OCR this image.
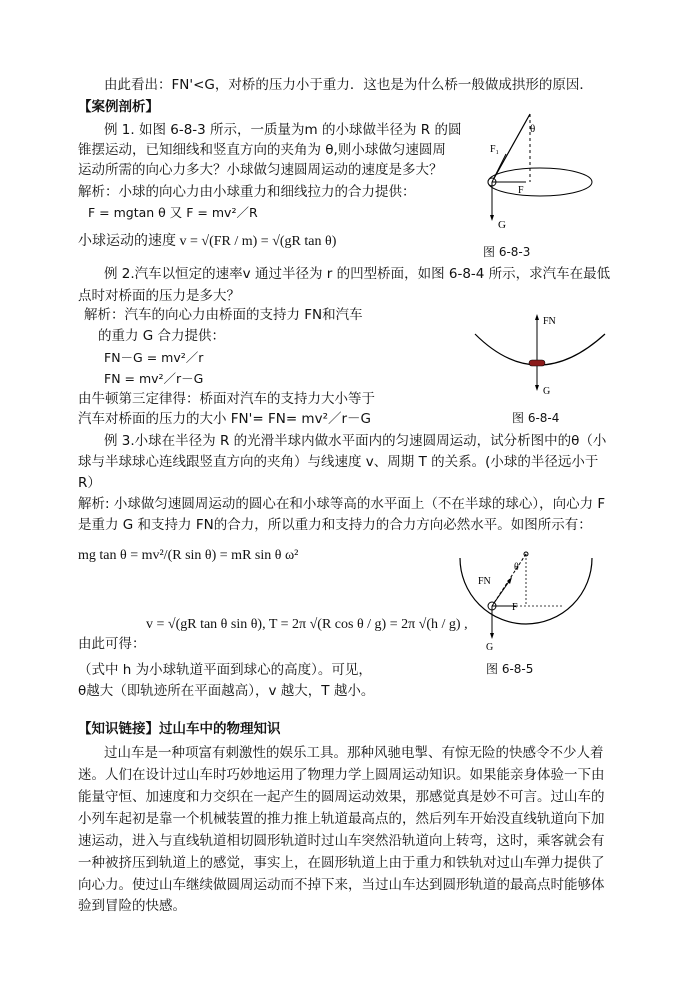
由此看出：FN'<G，对桥的压力小于重力．这也是为什么桥一般做成拱形的原因．
【案例剖析】
例 1. 如图 6-8-3 所示，一质量为m 的小球做半径为 R 的圆
锥摆运动，已知细线和竖直方向的夹角为 θ,则小球做匀速圆周
运动所需的向心力多大？小球做匀速圆周运动的速度是多大？
解析：小球的向心力由小球重力和细线拉力的合力提供：
F = mgtan θ 又 F = mv²／R
小球运动的速度 v = √(FR / m) = √(gR tan θ)
例 2.汽车以恒定的速率v 通过半径为 r 的凹型桥面，如图 6-8-4 所示，求汽车在最低
点时对桥面的压力是多大？
解析：汽车的向心力由桥面的支持力 FN和汽车
的重力 G 合力提供：
FN－G = mv²／r
FN = mv²／r－G
由牛顿第三定律得：桥面对汽车的支持力大小等于
汽车对桥面的压力的大小 FN'= FN= mv²／r－G
例 3.小球在半径为 R 的光滑半球内做水平面内的匀速圆周运动，试分析图中的θ（小
球与半球球心连线跟竖直方向的夹角）与线速度 v、周期 T 的关系。(小球的半径远小于
R）
解析: 小球做匀速圆周运动的圆心在和小球等高的水平面上（不在半球的球心），向心力 F
是重力 G 和支持力 FN的合力，所以重力和支持力的合力方向必然水平。如图所示有：
mg tan θ = mv²/(R sin θ) = mR sin θ ω²
v = √(gR tan θ sin θ), T = 2π √(R cos θ / g) = 2π √(h / g) ,
由此可得：
（式中 h 为小球轨道平面到球心的高度）。可见，
θ越大（即轨迹所在平面越高），v 越大，T 越小。
【知识链接】过山车中的物理知识
过山车是一种项富有刺激性的娱乐工具。那种风驰电掣、有惊无险的快感令不少人着
迷。人们在设计过山车时巧妙地运用了物理力学上圆周运动知识。如果能亲身体验一下由
能量守恒、加速度和力交织在一起产生的圆周运动效果，那感觉真是妙不可言。过山车的
小列车起初是靠一个机械装置的推力推上轨道最高点的，然后列车开始没直线轨道向下加
速运动，进入与直线轨道相切圆形轨道时过山车突然沿轨道向上转弯，这时，乘客就会有
一种被挤压到轨道上的感觉，事实上，在圆形轨道上由于重力和铁轨对过山车弹力提供了
向心力。使过山车继续做圆周运动而不掉下来，当过山车达到圆形轨道的最高点时能够体
验到冒险的快感。
θ
F₁
F
G
图 6-8-3
FN
G
图 6-8-4
FN
θ
F
G
图 6-8-5
